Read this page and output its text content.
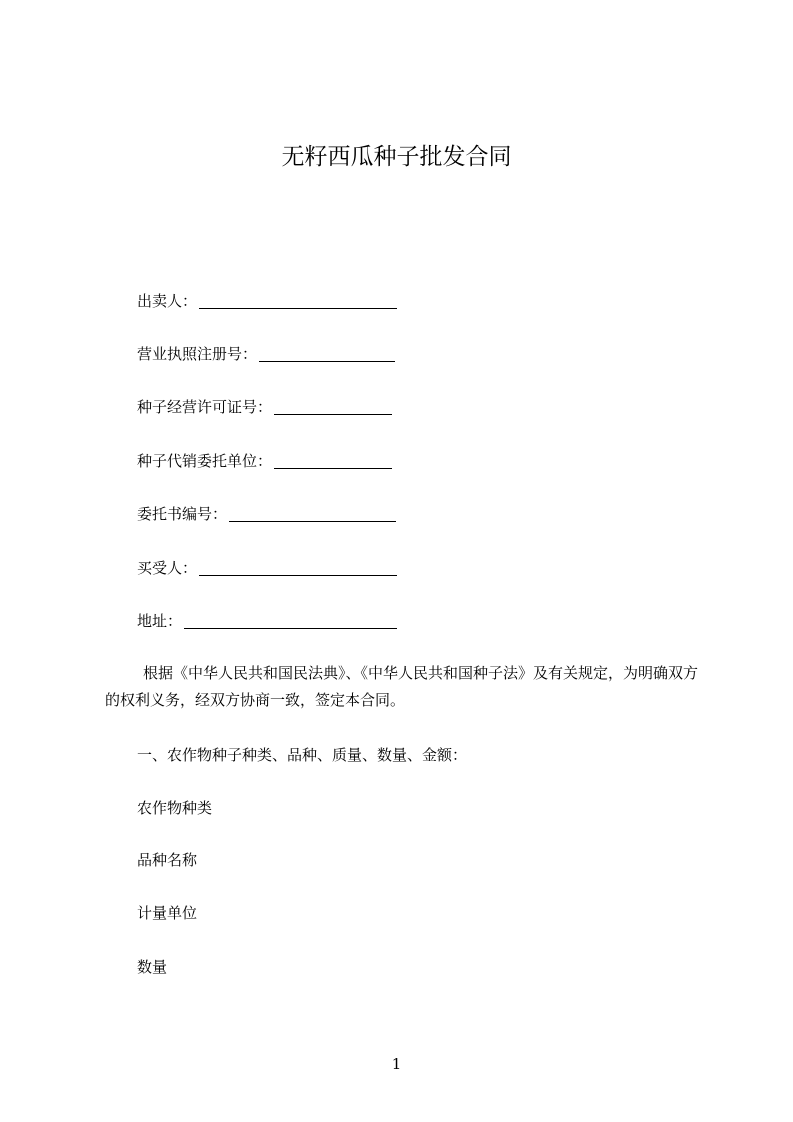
无籽西瓜种子批发合同
出卖人：
营业执照注册号：
种子经营许可证号：
种子代销委托单位：
委托书编号：
买受人：
地址：
根据《中华人民共和国民法典》、《中华人民共和国种子法》及有关规定，为明确双方的权利义务，经双方协商一致，签定本合同。
一、农作物种子种类、品种、质量、数量、金额：
农作物种类
品种名称
计量单位
数量
1
